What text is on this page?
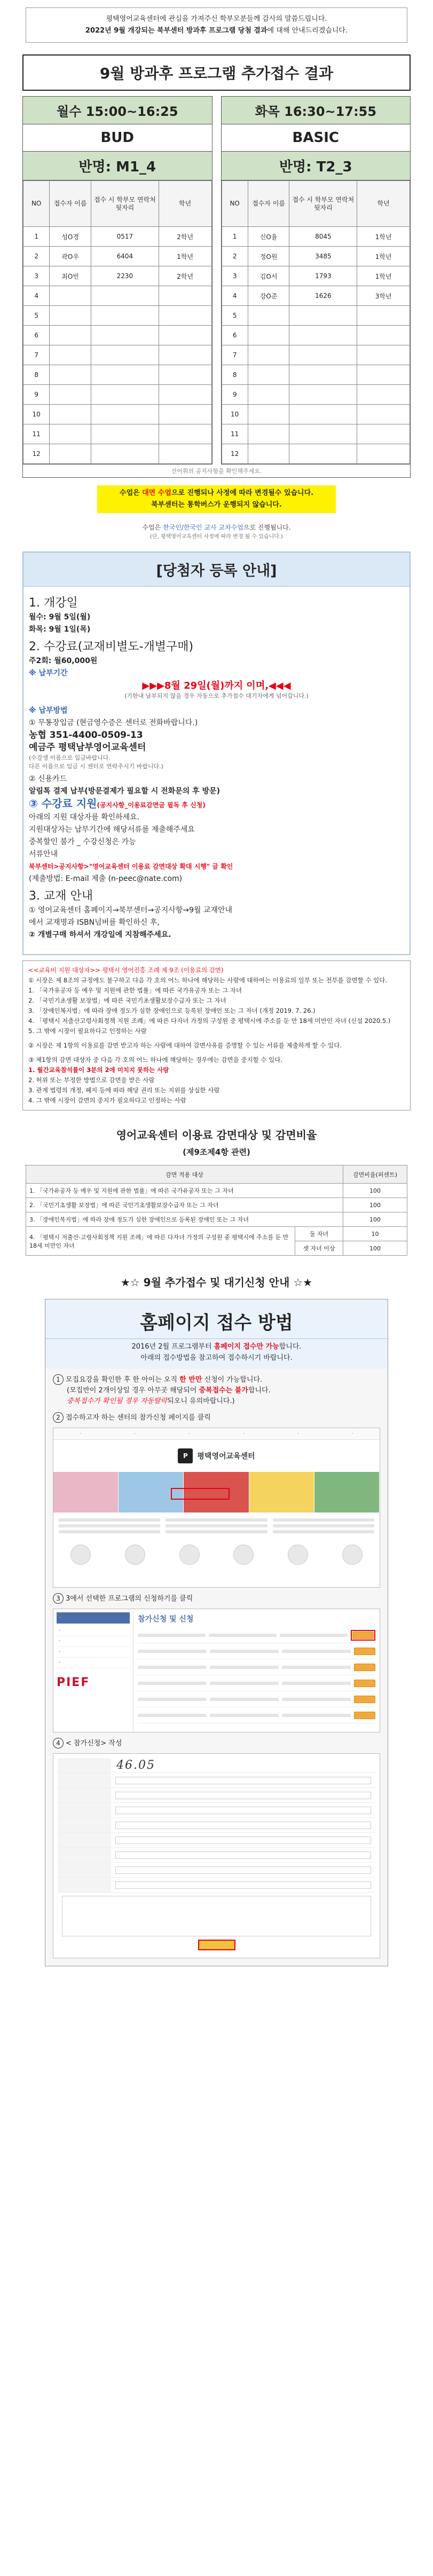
평택영어교육센터에 관심을 가져주신 학부모분들께 감사의 말씀드립니다.
2022년 9월 개강되는 북부센터 방과후 프로그램 당첨 결과에 대해 안내드리겠습니다.
9월 방과후 프로그램 추가접수 결과
월수 15:00~16:25
BUD
반명: M1_4
NO	접수자 이름	접수 시 학부모 연락처 뒷자리	학년
1	성O경	0517	2학년
2	곽O우	6404	1학년
3	최O빈	2230	2학년
4			
5			
6			
7			
8			
9			
10			
11			
12			
화목 16:30~17:55
BASIC
반명: T2_3
NO	접수자 이름	접수 시 학부모 연락처 뒷자리	학년
1	신O율	8045	1학년
2	정O원	3485	1학년
3	김O서	1793	1학년
4	강O준	1626	3학년
5			
6			
7			
8			
9			
10			
11			
12			
선어휘의 공지사항을 확인해주세요.
수업은 대면 수업으로 진행되나 사정에 따라 변경될수 있습니다.
북부센터는 통학버스가 운행되지 않습니다.
수업은 한국인/한국인 교사 교차수업으로 진행됩니다.
(단, 평택영어교육센터 사정에 따라 변경 될 수 있습니다.)
[당첨자 등록 안내]
1. 개강일
월수: 9월 5일(월)
화목: 9월 1일(목)
2. 수강료(교재비별도-개별구매)
주2회: 월60,000원
※ 납부기간
▶▶▶8월 29일(월)까지 이며,◀◀◀
(기한내 납부되지 않을 경우 자동으로 추가접수 대기자에게 넘어갑니다.)
※ 납부방법
① 무통장입금 (현금영수증은 센터로 전화바랍니다.)
농협 351-4400-0509-13
예금주 평택남부영어교육센터
(수강생 이름으로 입금바랍니다.
다른 이름으로 입금 시 센터로 연락주시기 바랍니다.)
② 신용카드
알림톡 결제 납부(방문결제가 필요할 시 전화문의 후 방문)
③ 수강료 지원(공지사항_이용료감면글 필독 후 신청)
아래의 지원 대상자를 확인하세요.
지원대상자는 납부기간에 해당서류를 제출해주세요
중복할인 불가 _ 수강신청은 가능
서류안내
북부센터>공지사항>"영어교육센터 이용료 감면대상 확대 시행" 글 확인
(제출방법: E-mail 제출 (n-peec@nate.com)
3. 교재 안내
① 영어교육센터 홈페이지→북부센터→공지사항→9월 교재안내
에서 교재명과 ISBN넘버를 확인하신 후,
② 개별구매 하셔서 개강일에 지참해주세요.
<<교육비 지원 대상자>> 평택시 영어진흥 조례 제 9조 (이용료의 감면)
① 시장은 제 8조의 규정에도 불구하고 다음 각 호의 어느 하나에 해당하는 사람에 대하여는 이용료의 일부 또는 전부를 감면할 수 있다.
1. 「국가유공자 등 예우 및 지원에 관한 법률」에 따른 국가유공자 또는 그 자녀
2. 「국민기초생활 보장법」에 따른 국민기초생활보장수급자 또는 그 자녀
3. 「장애인복지법」에 따라 장애 정도가 심한 장애인으로 등록된 장애인 또는 그 자녀 (개정 2019. 7. 26.)
4. 「평택시 저출산고령사회정책 지원 조례」에 따른 다자녀 가정의 구성원 중 평택시에 주소를 둔 만 18세 미만인 자녀 (신설 2020.5.)
5. 그 밖에 시장이 필요하다고 인정하는 사람
② 시장은 제 1항의 이용료를 감면 받고자 하는 사람에 대하여 감면사유를 증명할 수 있는 서류를 제출하게 할 수 있다.
③ 제1항의 감면 대상자 중 다음 각 호의 어느 하나에 해당하는 경우에는 감면을 중지할 수 있다.
1. 월간교육참석률이 3분의 2에 미치지 못하는 사람
2. 허위 또는 부정한 방법으로 감면을 받은 사람
3. 관계 법령의 개정, 폐지 등에 따라 해당 권리 또는 지위를 상실한 사람
4. 그 밖에 시장이 감면의 중지가 필요하다고 인정하는 사람
영어교육센터 이용료 감면대상 및 감면비율
(제9조제4항 관련)
감면 적용 대상		감면비율(퍼센트)
1. 「국가유공자 등 예우 및 지원에 관한 법률」에 따른 국가유공자 또는 그 자녀		100
2. 「국민기초생활 보장법」에 따른 국민기초생활보장수급자 또는 그 자녀		100
3. 「장애인복지법」에 따라 장애 정도가 심한 장애인으로 등록된 장애인 또는 그 자녀		100
4. 「평택시 저출산‧고령사회정책 지원 조례」에 따른 다자녀 가정의 구성원 중 평택시에 주소를 둔 만 18세 미만인 자녀	둘 자녀	10
	셋 자녀 이상	100
★☆ 9월 추가접수 및 대기신청 안내 ☆★
홈페이지 접수 방법
2016년 2월 프로그램부터 홈페이지 접수만 가능합니다.
아래의 접수방법을 참고하여 접수하시기 바랍니다.
1 모집요강을 확인한 후 한 아이는 오직 한 반만 신청이 가능합니다.
(모집반이 2개이상일 경우 아무곳 해당되어 중복접수는 불가합니다.
중복접수가 확인될 경우 자동탈락되오니 유의바랍니다.)
2 접수하고자 하는 센터의 참가신청 페이지를 클릭
·	·	·	·	·	·
P	평택영어교육센터
3 3에서 선택한 프로그램의 신청하기를 클릭
·
·
·
·
·
PIEF
참가신청 및 신청
4 < 참가신청> 작성
46.05
